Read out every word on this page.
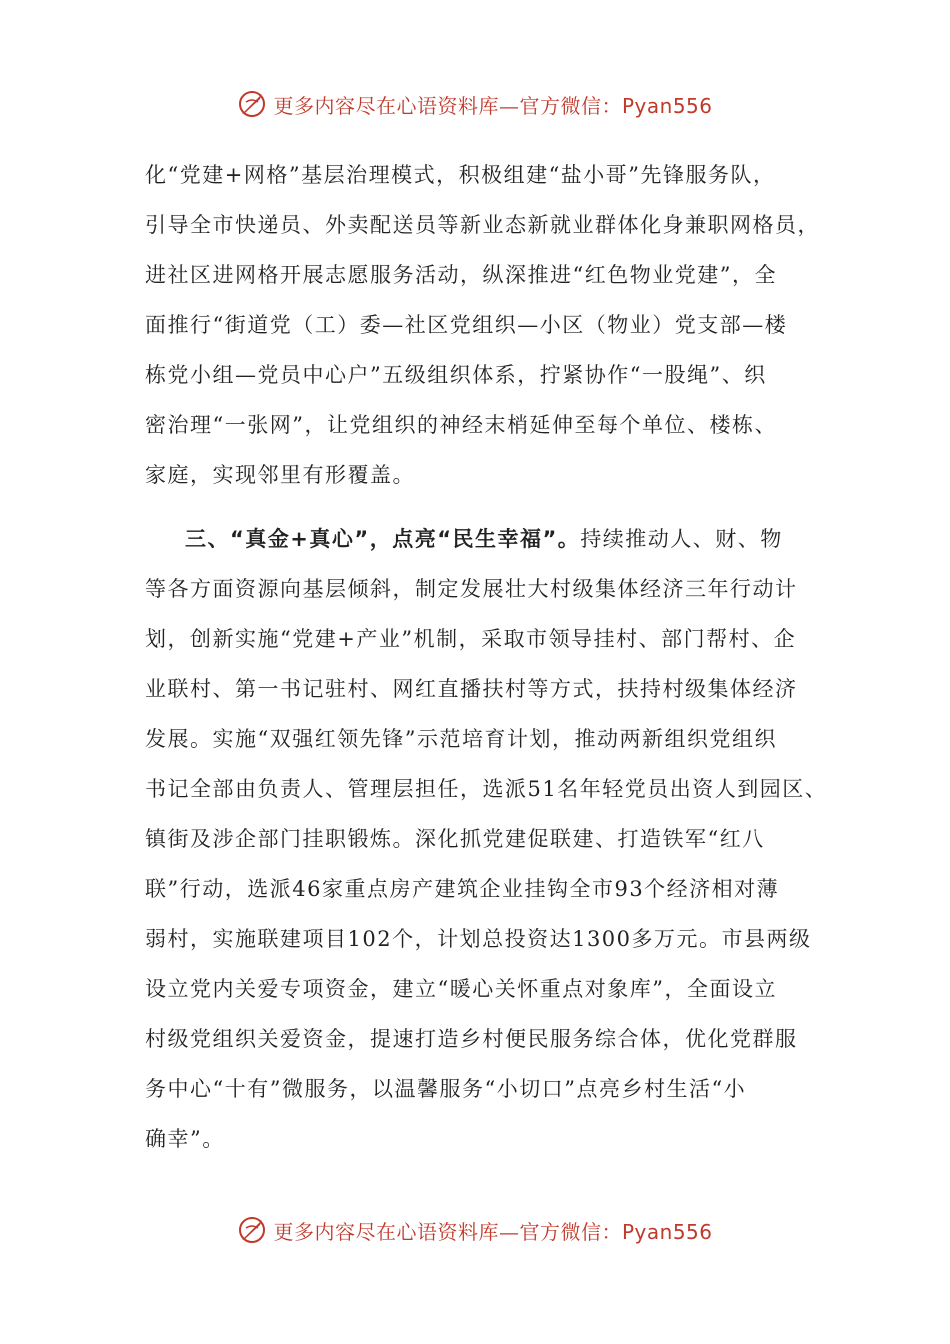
更多内容尽在心语资料库—官方微信：Pyan556
化“党建+网格”基层治理模式，积极组建“盐小哥”先锋服务队，
引导全市快递员、外卖配送员等新业态新就业群体化身兼职网格员，
进社区进网格开展志愿服务活动，纵深推进“红色物业党建”，全
面推行“街道党（工）委—社区党组织—小区（物业）党支部—楼
栋党小组—党员中心户”五级组织体系，拧紧协作“一股绳”、织
密治理“一张网”，让党组织的神经末梢延伸至每个单位、楼栋、
家庭，实现邻里有形覆盖。
三、“真金+真心”，点亮“民生幸福”。持续推动人、财、物
等各方面资源向基层倾斜，制定发展壮大村级集体经济三年行动计
划，创新实施“党建+产业”机制，采取市领导挂村、部门帮村、企
业联村、第一书记驻村、网红直播扶村等方式，扶持村级集体经济
发展。实施“双强红领先锋”示范培育计划，推动两新组织党组织
书记全部由负责人、管理层担任，选派51名年轻党员出资人到园区、
镇街及涉企部门挂职锻炼。深化抓党建促联建、打造铁军“红八
联”行动，选派46家重点房产建筑企业挂钩全市93个经济相对薄
弱村，实施联建项目102个，计划总投资达1300多万元。市县两级
设立党内关爱专项资金，建立“暖心关怀重点对象库”，全面设立
村级党组织关爱资金，提速打造乡村便民服务综合体，优化党群服
务中心“十有”微服务，以温馨服务“小切口”点亮乡村生活“小
确幸”。
更多内容尽在心语资料库—官方微信：Pyan556
